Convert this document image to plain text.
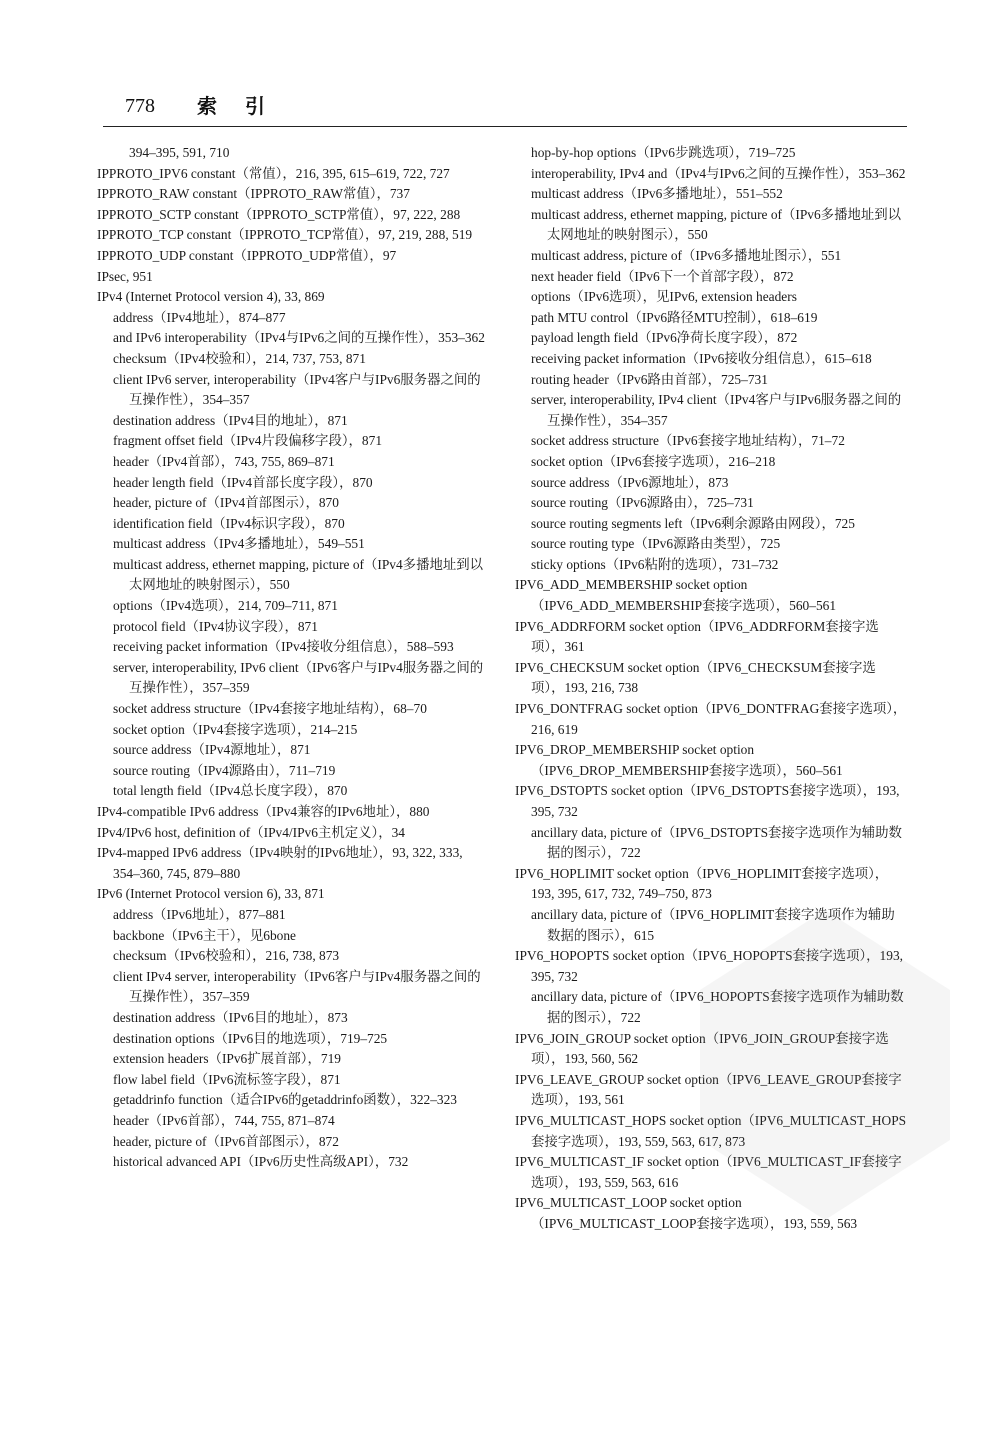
778 索引

394–395, 591, 710

IPPROTO_IPV6 constant（常值），216, 395, 615–619, 722, 727

IPPROTO_RAW constant（IPPROTO_RAW常值），737

IPPROTO_SCTP constant（IPPROTO_SCTP常值），97, 222, 288

IPPROTO_TCP constant（IPPROTO_TCP常值），97, 219, 288, 519

IPPROTO_UDP constant（IPPROTO_UDP常值），97

IPsec, 951

IPv4 (Internet Protocol version 4), 33, 869

address（IPv4地址），874–877

and IPv6 interoperability（IPv4与IPv6之间的互操作性），353–362

checksum（IPv4校验和），214, 737, 753, 871

client IPv6 server, interoperability（IPv4客户与IPv6服务器之间的互操作性），354–357

destination address（IPv4目的地址），871

fragment offset field（IPv4片段偏移字段），871

header（IPv4首部），743, 755, 869–871

header length field（IPv4首部长度字段），870

header, picture of（IPv4首部图示），870

identification field（IPv4标识字段），870

multicast address（IPv4多播地址），549–551

multicast address, ethernet mapping, picture of（IPv4多播地址到以太网地址的映射图示），550

options（IPv4选项），214, 709–711, 871

protocol field（IPv4协议字段），871

receiving packet information（IPv4接收分组信息），588–593

server, interoperability, IPv6 client（IPv6客户与IPv4服务器之间的互操作性），357–359

socket address structure（IPv4套接字地址结构），68–70

socket option（IPv4套接字选项），214–215

source address（IPv4源地址），871

source routing（IPv4源路由），711–719

total length field（IPv4总长度字段），870

IPv4-compatible IPv6 address（IPv4兼容的IPv6地址），880

IPv4/IPv6 host, definition of（IPv4/IPv6主机定义），34

IPv4-mapped IPv6 address（IPv4映射的IPv6地址），93, 322, 333, 354–360, 745, 879–880

IPv6 (Internet Protocol version 6), 33, 871

address（IPv6地址），877–881

backbone（IPv6主干），见6bone

checksum（IPv6校验和），216, 738, 873

client IPv4 server, interoperability（IPv6客户与IPv4服务器之间的互操作性），357–359

destination address（IPv6目的地址），873

destination options（IPv6目的地选项），719–725

extension headers（IPv6扩展首部），719

flow label field（IPv6流标签字段），871

getaddrinfo function（适合IPv6的getaddrinfo函数），322–323

header（IPv6首部），744, 755, 871–874

header, picture of（IPv6首部图示），872

historical advanced API（IPv6历史性高级API），732

hop-by-hop options（IPv6步跳选项），719–725

interoperability, IPv4 and（IPv4与IPv6之间的互操作性），353–362

multicast address（IPv6多播地址），551–552

multicast address, ethernet mapping, picture of（IPv6多播地址到以太网地址的映射图示），550

multicast address, picture of（IPv6多播地址图示），551

next header field（IPv6下一个首部字段），872

options（IPv6选项），见IPv6, extension headers

path MTU control（IPv6路径MTU控制），618–619

payload length field（IPv6净荷长度字段），872

receiving packet information（IPv6接收分组信息），615–618

routing header（IPv6路由首部），725–731

server, interoperability, IPv4 client（IPv4客户与IPv6服务器之间的互操作性），354–357

socket address structure（IPv6套接字地址结构），71–72

socket option（IPv6套接字选项），216–218

source address（IPv6源地址），873

source routing（IPv6源路由），725–731

source routing segments left（IPv6剩余源路由网段），725

source routing type（IPv6源路由类型），725

sticky options（IPv6粘附的选项），731–732

IPV6_ADD_MEMBERSHIP socket option（IPV6_ADD_MEMBERSHIP套接字选项），560–561

IPV6_ADDRFORM socket option（IPV6_ADDRFORM套接字选项），361

IPV6_CHECKSUM socket option（IPV6_CHECKSUM套接字选项），193, 216, 738

IPV6_DONTFRAG socket option（IPV6_DONTFRAG套接字选项），216, 619

IPV6_DROP_MEMBERSHIP socket option（IPV6_DROP_MEMBERSHIP套接字选项），560–561

IPV6_DSTOPTS socket option（IPV6_DSTOPTS套接字选项），193, 395, 732

ancillary data, picture of（IPV6_DSTOPTS套接字选项作为辅助数据的图示），722

IPV6_HOPLIMIT socket option（IPV6_HOPLIMIT套接字选项），193, 395, 617, 732, 749–750, 873

ancillary data, picture of（IPV6_HOPLIMIT套接字选项作为辅助数据的图示），615

IPV6_HOPOPTS socket option（IPV6_HOPOPTS套接字选项），193, 395, 732

ancillary data, picture of（IPV6_HOPOPTS套接字选项作为辅助数据的图示），722

IPV6_JOIN_GROUP socket option（IPV6_JOIN_GROUP套接字选项），193, 560, 562

IPV6_LEAVE_GROUP socket option（IPV6_LEAVE_GROUP套接字选项），193, 561

IPV6_MULTICAST_HOPS socket option（IPV6_MULTICAST_HOPS套接字选项），193, 559, 563, 617, 873

IPV6_MULTICAST_IF socket option（IPV6_MULTICAST_IF套接字选项），193, 559, 563, 616

IPV6_MULTICAST_LOOP socket option（IPV6_MULTICAST_LOOP套接字选项），193, 559, 563
